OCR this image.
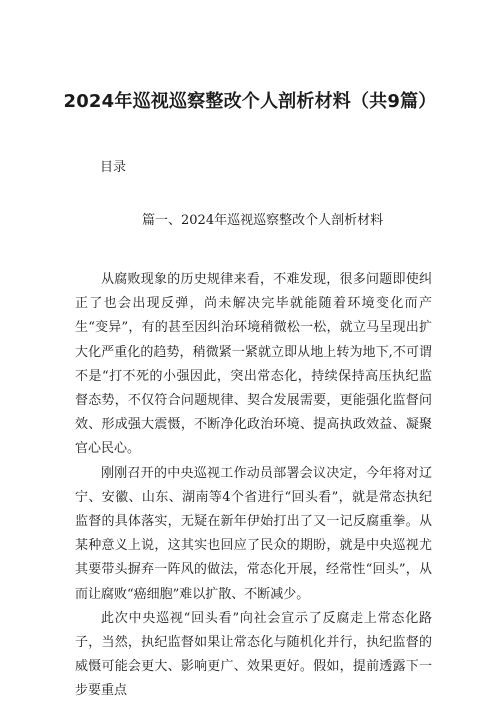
2024年巡视巡察整改个人剖析材料（共9篇）
目录
篇一、2024年巡视巡察整改个人剖析材料

从腐败现象的历史规律来看，不难发现，很多问题即使纠正了也会出现反弹，尚未解决完毕就能随着环境变化而产生“变异”，有的甚至因纠治环境稍微松一松，就立马呈现出扩大化严重化的趋势，稍微紧一紧就立即从地上转为地下,不可谓不是“打不死的小强因此，突出常态化，持续保持高压执纪监督态势，不仅符合问题规律、契合发展需要，更能强化监督问效、形成强大震慑，不断净化政治环境、提高执政效益、凝聚官心民心。

刚刚召开的中央巡视工作动员部署会议决定，今年将对辽宁、安徽、山东、湖南等4个省进行“回头看”，就是常态执纪监督的具体落实，无疑在新年伊始打出了又一记反腐重拳。从某种意义上说，这其实也回应了民众的期盼，就是中央巡视尤其要带头摒弃一阵风的做法，常态化开展，经常性“回头”，从而让腐败“癌细胞”难以扩散、不断减少。

此次中央巡视“回头看”向社会宣示了反腐走上常态化路子，当然，执纪监督如果让常态化与随机化并行，执纪监督的威慑可能会更大、影响更广、效果更好。假如，提前透露下一步要重点
